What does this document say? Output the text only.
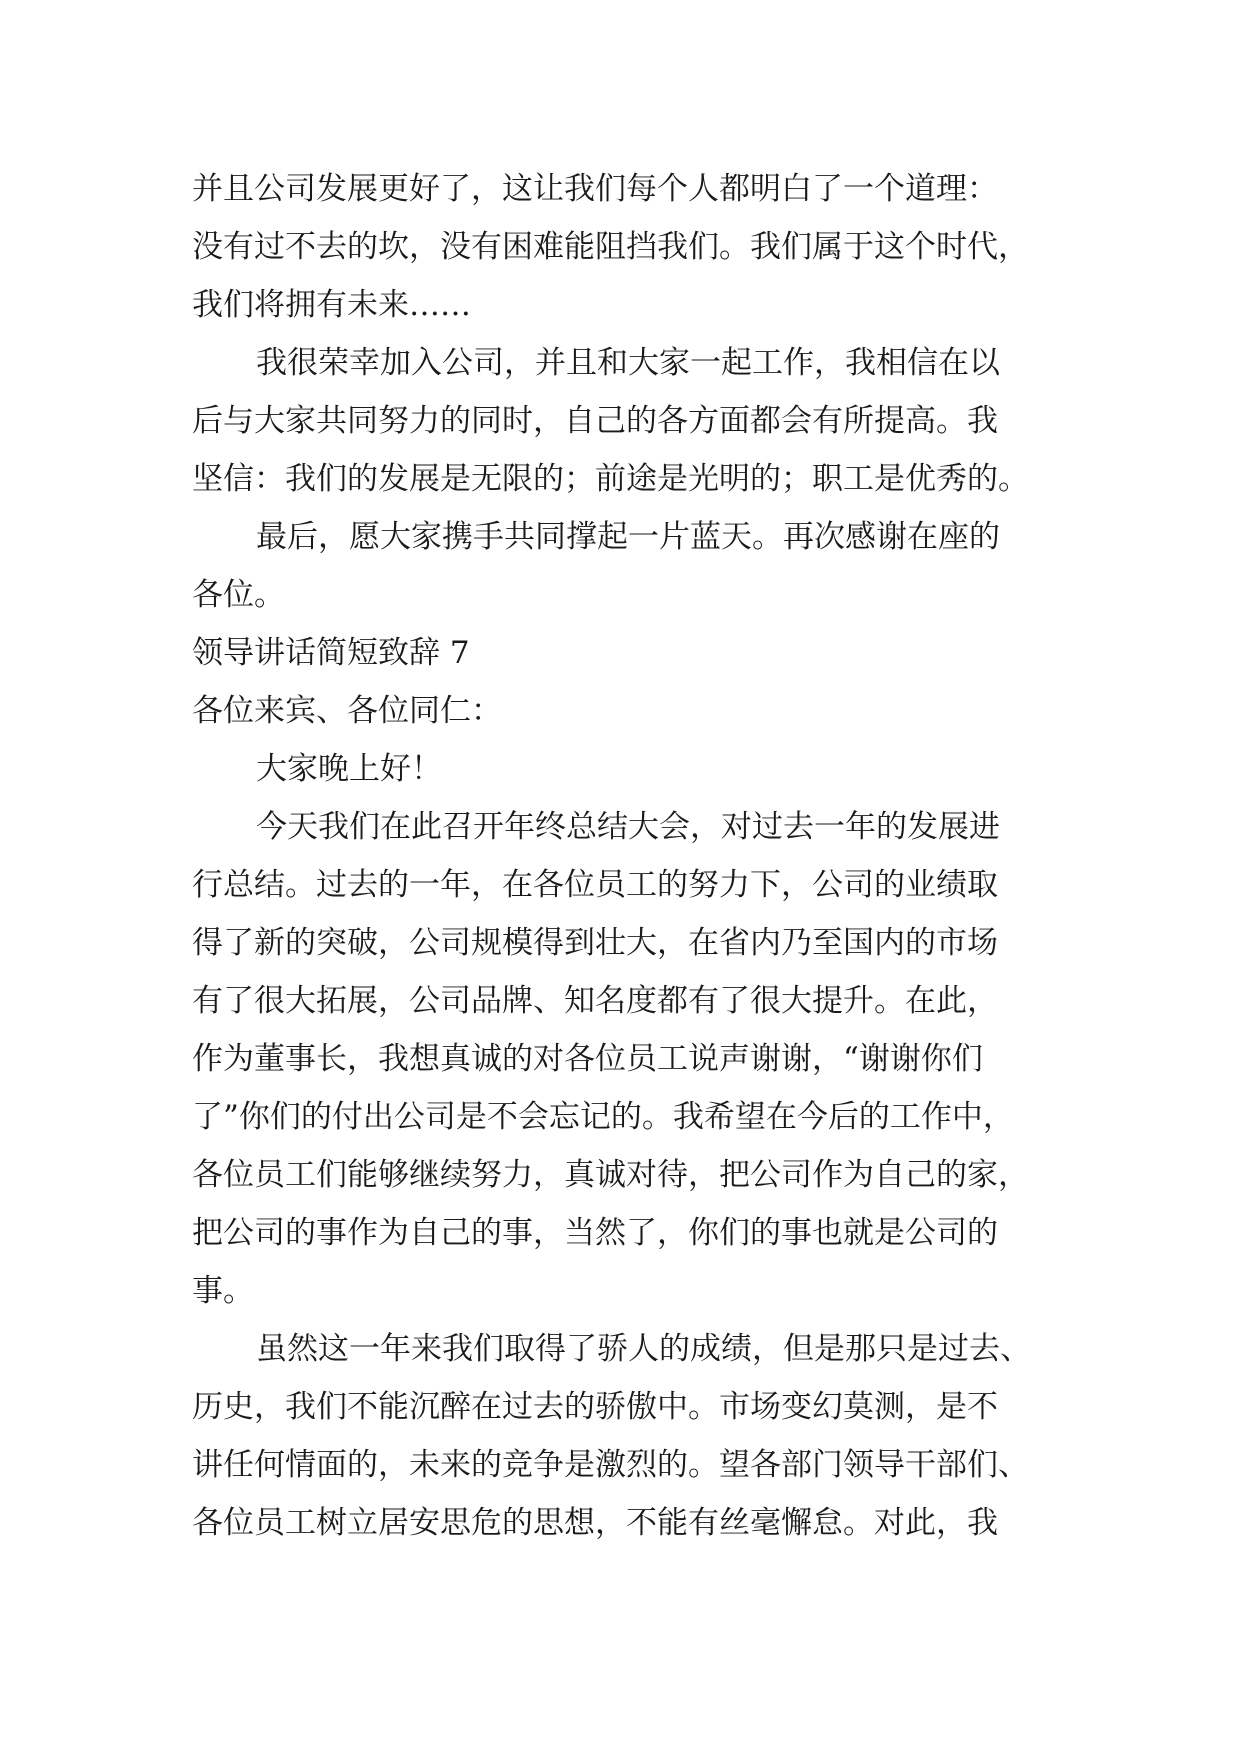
并且公司发展更好了，这让我们每个人都明白了一个道理：
没有过不去的坎，没有困难能阻挡我们。我们属于这个时代，
我们将拥有未来……
我很荣幸加入公司，并且和大家一起工作，我相信在以
后与大家共同努力的同时，自己的各方面都会有所提高。我
坚信：我们的发展是无限的；前途是光明的；职工是优秀的。
最后，愿大家携手共同撑起一片蓝天。再次感谢在座的
各位。
领导讲话简短致辞 7
各位来宾、各位同仁：
大家晚上好！
今天我们在此召开年终总结大会，对过去一年的发展进
行总结。过去的一年，在各位员工的努力下，公司的业绩取
得了新的突破，公司规模得到壮大，在省内乃至国内的市场
有了很大拓展，公司品牌、知名度都有了很大提升。在此，
作为董事长，我想真诚的对各位员工说声谢谢，“谢谢你们
了”你们的付出公司是不会忘记的。我希望在今后的工作中，
各位员工们能够继续努力，真诚对待，把公司作为自己的家，
把公司的事作为自己的事，当然了，你们的事也就是公司的
事。
虽然这一年来我们取得了骄人的成绩，但是那只是过去、
历史，我们不能沉醉在过去的骄傲中。市场变幻莫测，是不
讲任何情面的，未来的竞争是激烈的。望各部门领导干部们、
各位员工树立居安思危的思想，不能有丝毫懈怠。对此，我
